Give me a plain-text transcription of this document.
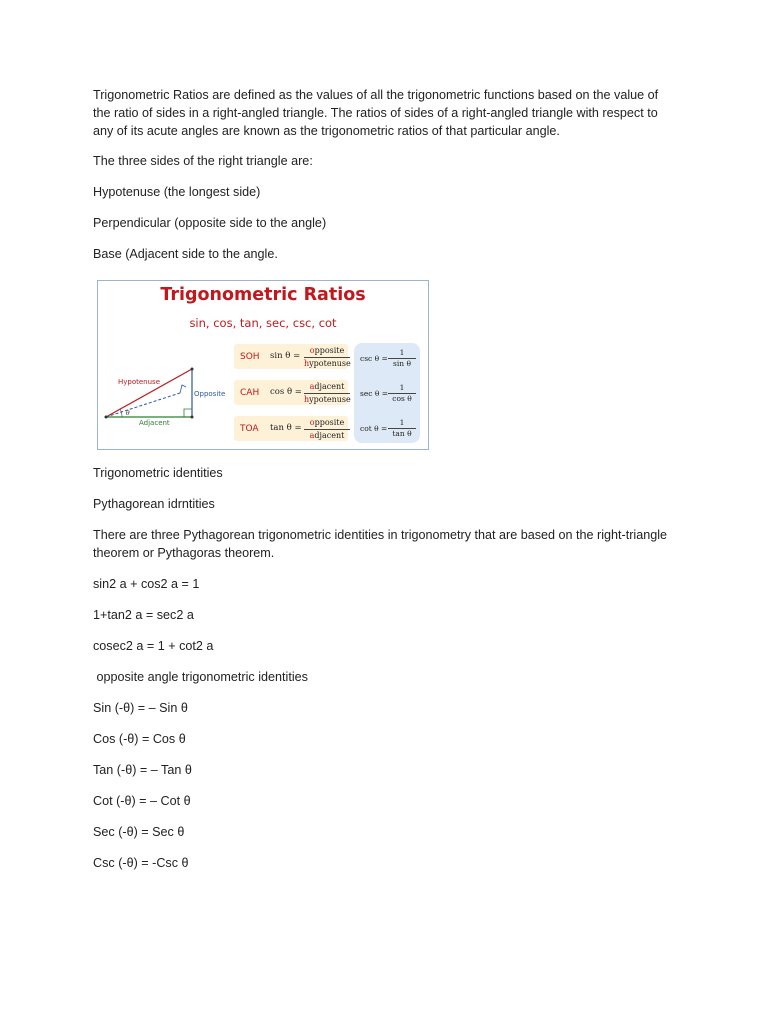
Trigonometric Ratios are defined as the values of all the trigonometric functions based on the value of the ratio of sides in a right-angled triangle. The ratios of sides of a right-angled triangle with respect to any of its acute angles are known as the trigonometric ratios of that particular angle.

The three sides of the right triangle are:

Hypotenuse (the longest side)

Perpendicular (opposite side to the angle)

Base (Adjacent side to the angle.

Trigonometric Ratios
sin, cos, tan, sec, csc, cot
θ
Hypotenuse
Opposite
Adjacent
SOH sin θ =
opposite
hypotenuse
CAH cos θ =
adjacent
hypotenuse
TOA tan θ =
opposite
adjacent
csc θ =
1
sin θ
sec θ =
1
cos θ
cot θ =
1
tan θ

Trigonometric identities

Pythagorean idrntities

There are three Pythagorean trigonometric identities in trigonometry that are based on the right-triangle theorem or Pythagoras theorem.

sin2 a + cos2 a = 1

1+tan2 a = sec2 a

cosec2 a = 1 + cot2 a

opposite angle trigonometric identities

Sin (-θ) = – Sin θ

Cos (-θ) = Cos θ

Tan (-θ) = – Tan θ

Cot (-θ) = – Cot θ

Sec (-θ) = Sec θ

Csc (-θ) = -Csc θ
